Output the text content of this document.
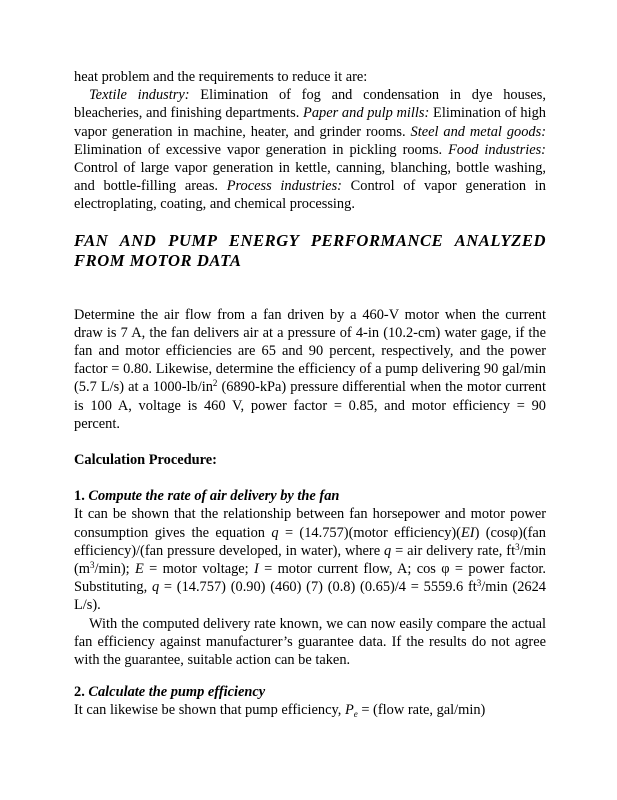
heat problem and the requirements to reduce it are:

Textile industry: Elimination of fog and condensation in dye houses, bleacheries, and finishing departments. Paper and pulp mills: Elimination of high vapor generation in machine, heater, and grinder rooms. Steel and metal goods: Elimination of excessive vapor generation in pickling rooms. Food industries: Control of large vapor generation in kettle, canning, blanching, bottle washing, and bottle-filling areas. Process industries: Control of vapor generation in electroplating, coating, and chemical processing.

FAN AND PUMP ENERGY PERFORMANCE ANALYZED FROM MOTOR DATA

Determine the air flow from a fan driven by a 460-V motor when the current draw is 7 A, the fan delivers air at a pressure of 4-in (10.2-cm) water gage, if the fan and motor efficiencies are 65 and 90 percent, respectively, and the power factor = 0.80. Likewise, determine the efficiency of a pump delivering 90 gal/min (5.7 L/s) at a $1000-lb/in^2$ (6890-kPa) pressure differential when the motor current is 100 A, voltage is 460 V, power factor = 0.85, and motor efficiency = 90 percent.

Calculation Procedure:

1. Compute the rate of air delivery by the fan

It can be shown that the relationship between fan horsepower and motor power consumption gives the equation q = (14.757)(motor efficiency)(EI) (cosφ)(fan efficiency)/(fan pressure developed, in water), where q = air delivery rate, $ft^3/\min$ $(m^3/\min)$; E = motor voltage; I = motor current flow, A; cos φ = power factor. Substituting, q = (14.757) (0.90) (460) (7) (0.8) (0.65)/4 = 5559.6 $ft^3/\min$ (2624 L/s).

With the computed delivery rate known, we can now easily compare the actual fan efficiency against manufacturer’s guarantee data. If the results do not agree with the guarantee, suitable action can be taken.

2. Calculate the pump efficiency

It can likewise be shown that pump efficiency, $P_e$ = (flow rate, gal/min)
